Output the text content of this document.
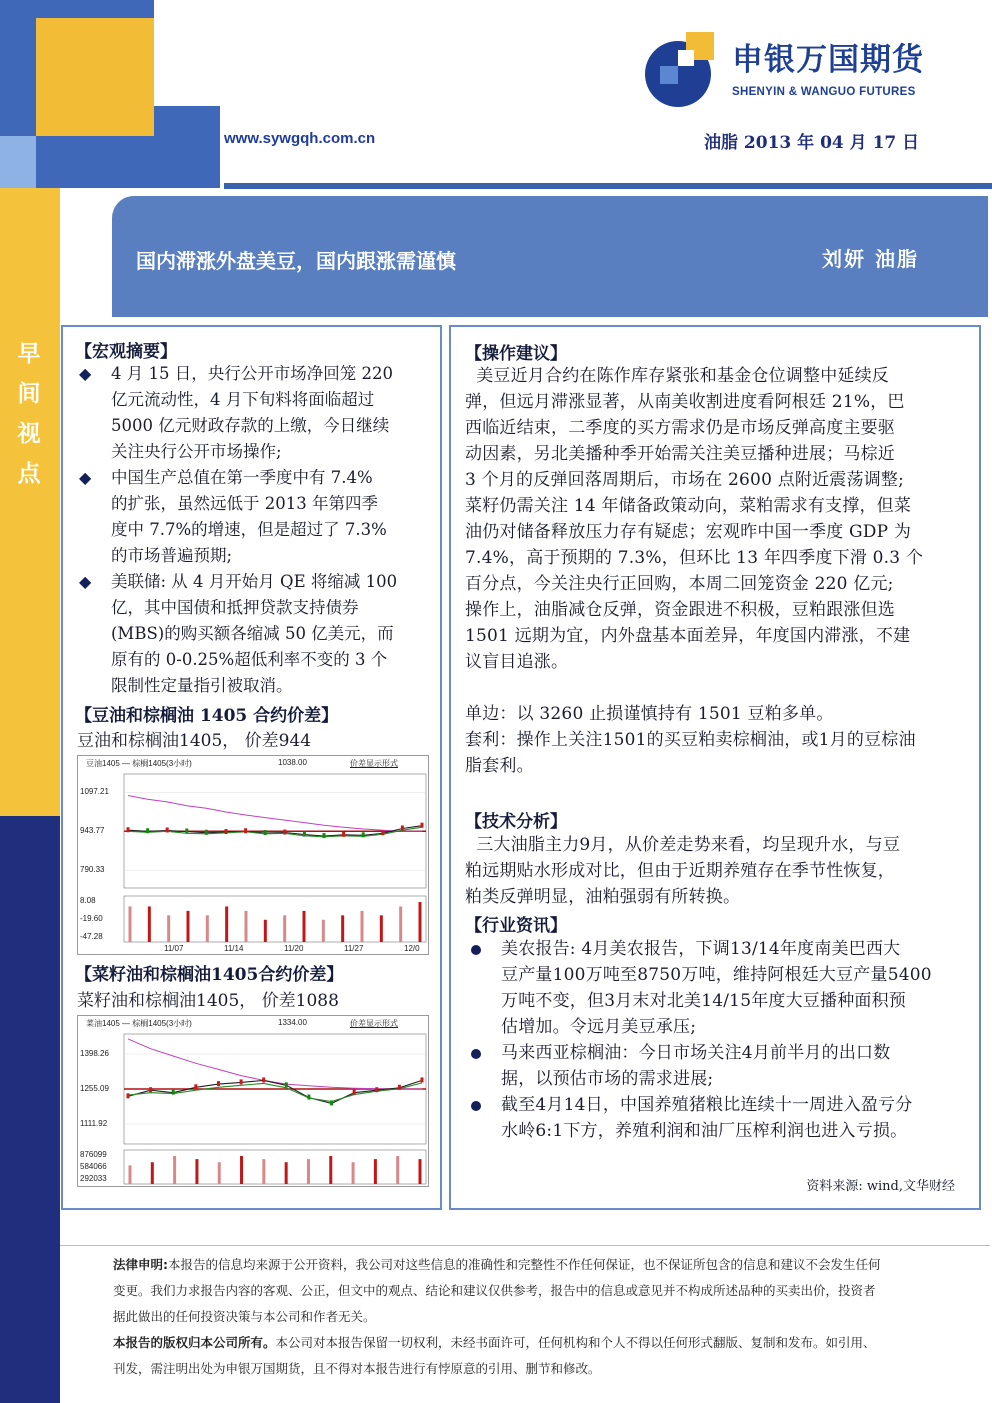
早
间
视
点
申银万国期货
SHENYIN & WANGUO FUTURES
www.sywgqh.com.cn	油脂 2013 年 04 月 17 日
国内滞涨外盘美豆，国内跟涨需谨慎	刘妍 油脂
【宏观摘要】
◆ 4 月 15 日，央行公开市场净回笼 220
亿元流动性，4 月下旬料将面临超过
5000 亿元财政存款的上缴，今日继续
关注央行公开市场操作;
◆ 中国生产总值在第一季度中有 7.4%
的扩张，虽然远低于 2013 年第四季
度中 7.7%的增速，但是超过了 7.3%
的市场普遍预期;
◆ 美联储: 从 4 月开始月 QE 将缩减 100
亿，其中国债和抵押贷款支持债券
(MBS)的购买额各缩减 50 亿美元，而
原有的 0-0.25%超低利率不变的 3 个
限制性定量指引被取消。
【豆油和棕榈油 1405 合约价差】
豆油和棕榈油1405， 价差944
豆油1405 — 棕榈1405(3小时)	1038.00	价差显示形式
1097.21
943.77
790.33
8.08
-19.60
-47.28
11/07	11/14	11/20	11/27	12/0
【菜籽油和棕榈油1405合约价差】
菜籽油和棕榈油1405， 价差1088
菜油1405 — 棕榈1405(3小时)	1334.00	价差显示形式
1398.26
1255.09
1111.92
876099
584066
292033
【操作建议】
美豆近月合约在陈作库存紧张和基金仓位调整中延续反
弹，但远月滞涨显著，从南美收割进度看阿根廷 21%，巴
西临近结束，二季度的买方需求仍是市场反弹高度主要驱
动因素，另北美播种季开始需关注美豆播种进展；马棕近
3 个月的反弹回落周期后，市场在 2600 点附近震荡调整;
菜籽仍需关注 14 年储备政策动向，菜粕需求有支撑，但菜
油仍对储备释放压力存有疑虑；宏观昨中国一季度 GDP 为
7.4%，高于预期的 7.3%，但环比 13 年四季度下滑 0.3 个
百分点，今关注央行正回购，本周二回笼资金 220 亿元;
操作上，油脂减仓反弹，资金跟进不积极，豆粕跟涨但选
1501 远期为宜，内外盘基本面差异，年度国内滞涨，不建
议盲目追涨。
单边：以 3260 止损谨慎持有 1501 豆粕多单。
套利：操作上关注1501的买豆粕卖棕榈油，或1月的豆棕油
脂套利。
【技术分析】
三大油脂主力9月，从价差走势来看，均呈现升水，与豆
粕远期贴水形成对比，但由于近期养殖存在季节性恢复，
粕类反弹明显，油粕强弱有所转换。
【行业资讯】
美农报告: 4月美农报告，下调13/14年度南美巴西大
豆产量100万吨至8750万吨，维持阿根廷大豆产量5400
万吨不变，但3月末对北美14/15年度大豆播种面积预
估增加。令远月美豆承压;
马来西亚棕榈油：今日市场关注4月前半月的出口数
据，以预估市场的需求进展;
截至4月14日，中国养殖猪粮比连续十一周进入盈亏分
水岭6:1下方，养殖利润和油厂压榨利润也进入亏损。
资料来源: wind,文华财经
法律申明:本报告的信息均来源于公开资料，我公司对这些信息的准确性和完整性不作任何保证，也不保证所包含的信息和建议不会发生任何
变更。我们力求报告内容的客观、公正，但文中的观点、结论和建议仅供参考，报告中的信息或意见并不构成所述品种的买卖出价，投资者
据此做出的任何投资决策与本公司和作者无关。
本报告的版权归本公司所有。本公司对本报告保留一切权利，未经书面许可，任何机构和个人不得以任何形式翻版、复制和发布。如引用、
刊发，需注明出处为申银万国期货，且不得对本报告进行有悖原意的引用、删节和修改。
